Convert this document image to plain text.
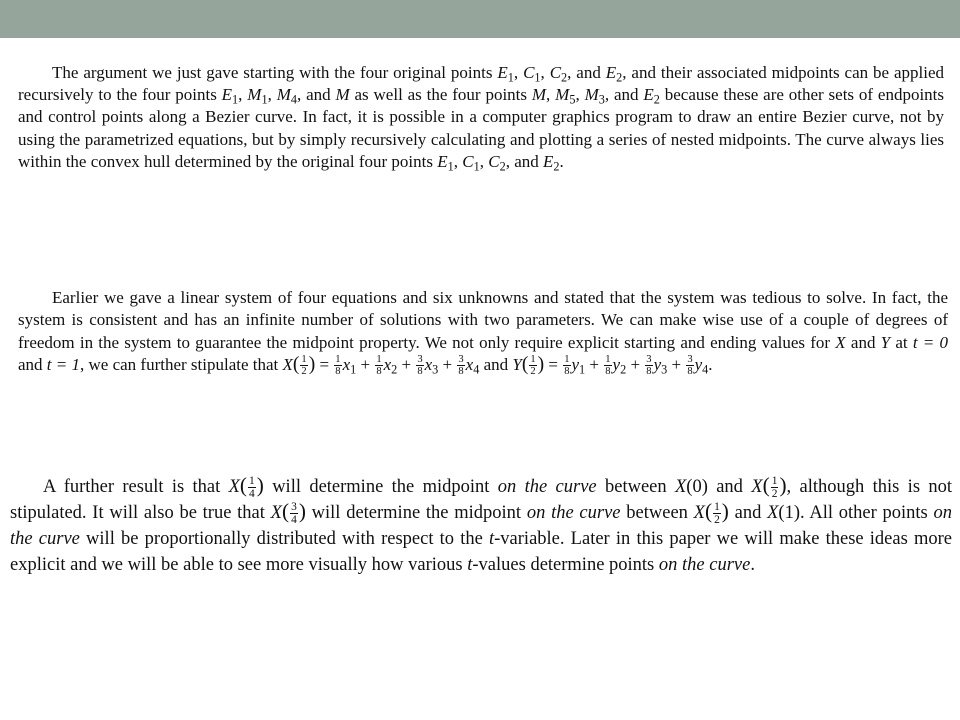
The argument we just gave starting with the four original points $E_1$, $C_1$, $C_2$, and $E_2$, and their associated midpoints can be applied recursively to the four points $E_1$, $M_1$, $M_4$, and M as well as the four points M, $M_5$, $M_3$, and $E_2$ because these are other sets of endpoints and control points along a Bezier curve. In fact, it is possible in a computer graphics program to draw an entire Bezier curve, not by using the parametrized equations, but by simply recursively calculating and plotting a series of nested midpoints. The curve always lies within the convex hull determined by the original four points $E_1$, $C_1$, $C_2$, and $E_2$.

Earlier we gave a linear system of four equations and six unknowns and stated that the system was tedious to solve. In fact, the system is consistent and has an infinite number of solutions with two parameters. We can make wise use of a couple of degrees of freedom in the system to guarantee the midpoint property. We not only require explicit starting and ending values for X and Y at t = 0 and t = 1, we can further stipulate that $X( \frac{1}{2}$ ) = $\frac{1}{8} x_1 + \frac{1}{8} x_2 + \frac{3}{8} x_3 + \frac{3}{8} x_4$ and $Y( \frac{1}{2}$ ) = $\frac{1}{8} y_1 + \frac{1}{8} y_2 + \frac{3}{8} y_3 + \frac{3}{8} y_4$.

A further result is that $X( \frac{1}{4}$ ) will determine the midpoint on the curve between X(0) and $X( \frac{1}{2}$ ), although this is not stipulated. It will also be true that $X( \frac{3}{4}$ ) will determine the midpoint on the curve between $X( \frac{1}{2}$ ) and X(1). All other points on the curve will be proportionally distributed with respect to the t-variable. Later in this paper we will make these ideas more explicit and we will be able to see more visually how various t-values determine points on the curve.
